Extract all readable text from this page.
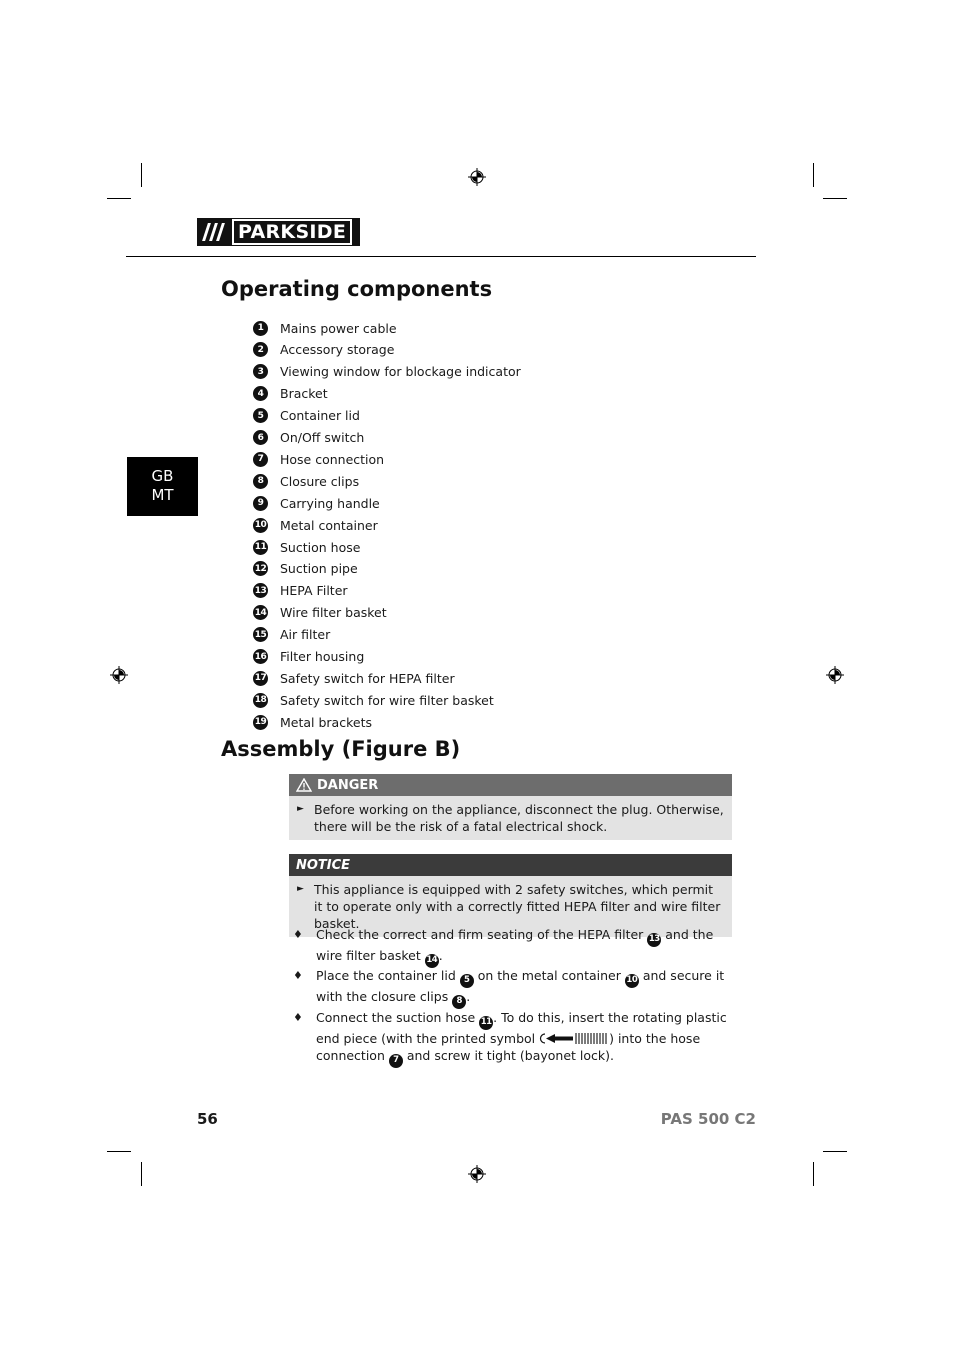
PARKSIDE
GB
MT
Operating components
1	Mains power cable
2	Accessory storage
3	Viewing window for blockage indicator
4	Bracket
5	Container lid
6	On/Off switch
7	Hose connection
8	Closure clips
9	Carrying handle
10 Metal container
11 Suction hose
12 Suction pipe
13 HEPA Filter
14 Wire filter basket
15 Air filter
16 Filter housing
17 Safety switch for HEPA filter
18 Safety switch for wire filter basket
19 Metal brackets
Assembly (Figure B)
DANGER
► Before working on the appliance, disconnect the plug. Otherwise, there will be the risk of a fatal electrical shock.
NOTICE
► This appliance is equipped with 2 safety switches, which permit it to operate only with a correctly fitted HEPA filter and wire filter basket.
♦ Check the correct and firm seating of the HEPA filter 13 and the wire filter basket 14 .
♦ Place the container lid 5 on the metal container 10 and secure it with the closure clips 8 .
♦ Connect the suction hose 11 . To do this, insert the rotating plastic end piece (with the printed symbol	) into the hose connection 7 and screw it tight (bayonet lock).
56	PAS 500 C2
